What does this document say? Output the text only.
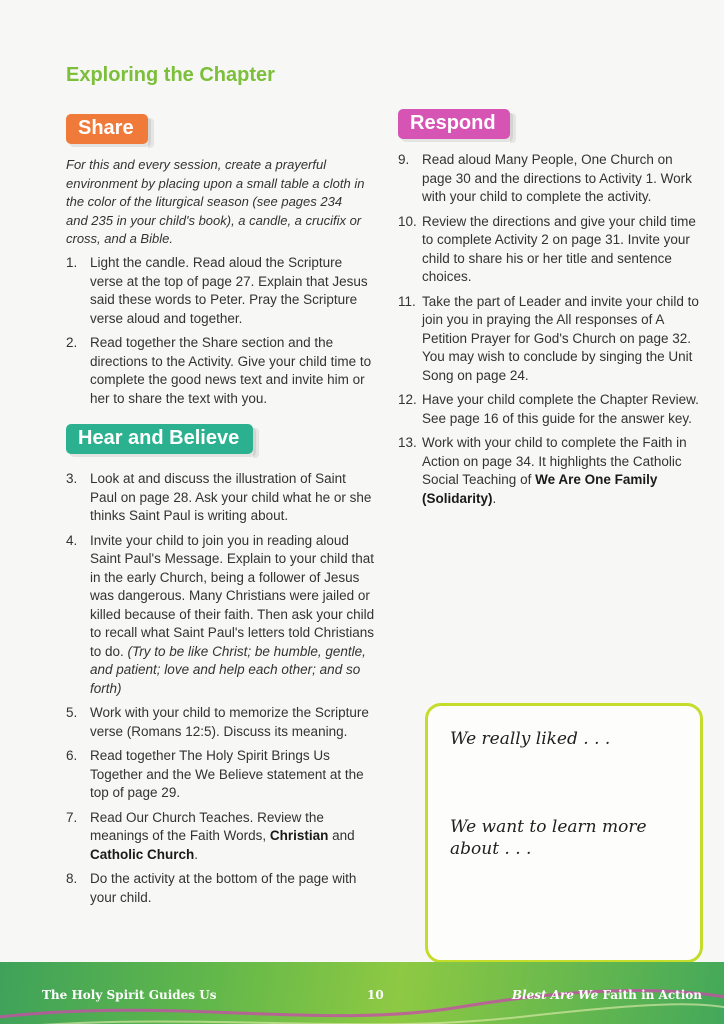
Exploring the Chapter
Share

For this and every session, create a prayerful environment by placing upon a small table a cloth in the color of the liturgical season (see pages 234 and 235 in your child's book), a candle, a crucifix or cross, and a Bible.

1. Light the candle. Read aloud the Scripture verse at the top of page 27. Explain that Jesus said these words to Peter. Pray the Scripture verse aloud and together.
2. Read together the Share section and the directions to the Activity. Give your child time to complete the good news text and invite him or her to share the text with you.
Hear and Believe
3. Look at and discuss the illustration of Saint Paul on page 28. Ask your child what he or she thinks Saint Paul is writing about.
4. Invite your child to join you in reading aloud Saint Paul's Message. Explain to your child that in the early Church, being a follower of Jesus was dangerous. Many Christians were jailed or killed because of their faith. Then ask your child to recall what Saint Paul's letters told Christians to do. (Try to be like Christ; be humble, gentle, and patient; love and help each other; and so forth)
5. Work with your child to memorize the Scripture verse (Romans 12:5). Discuss its meaning.
6. Read together The Holy Spirit Brings Us Together and the We Believe statement at the top of page 29.
7. Read Our Church Teaches. Review the meanings of the Faith Words, Christian and Catholic Church.
8. Do the activity at the bottom of the page with your child.
Respond
9. Read aloud Many People, One Church on page 30 and the directions to Activity 1. Work with your child to complete the activity.
10. Review the directions and give your child time to complete Activity 2 on page 31. Invite your child to share his or her title and sentence choices.
11. Take the part of Leader and invite your child to join you in praying the All responses of A Petition Prayer for God's Church on page 32. You may wish to conclude by singing the Unit Song on page 24.
12. Have your child complete the Chapter Review. See page 16 of this guide for the answer key.
13. Work with your child to complete the Faith in Action on page 34. It highlights the Catholic Social Teaching of We Are One Family (Solidarity).
We really liked . . .
We want to learn more about . . .
The Holy Spirit Guides Us	10	Blest Are We Faith in Action
